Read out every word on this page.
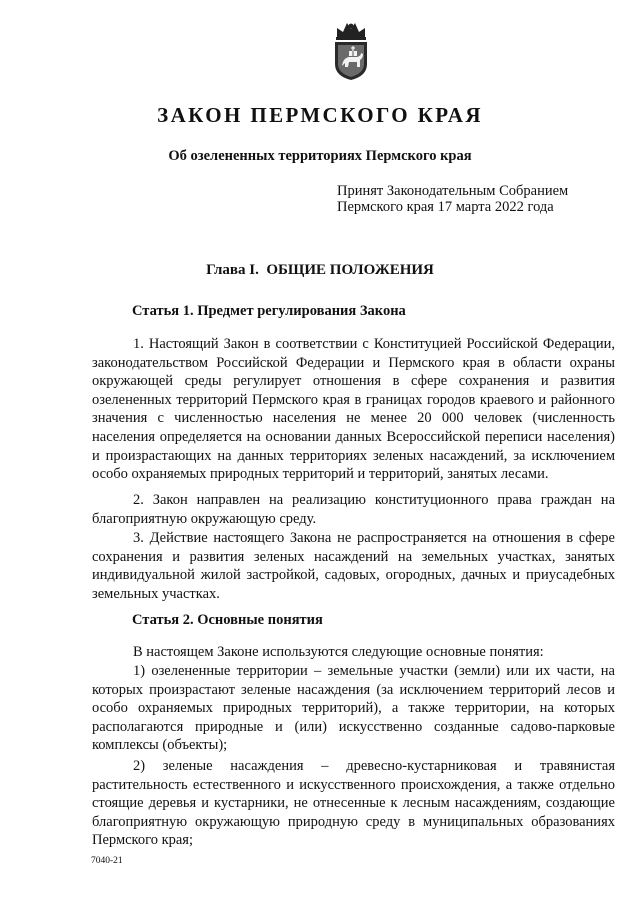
ЗАКОН ПЕРМСКОГО КРАЯ
Об озелененных территориях Пермского края
Принят Законодательным Собранием
Пермского края 17 марта 2022 года
Глава I.  ОБЩИЕ ПОЛОЖЕНИЯ
Статья 1. Предмет регулирования Закона

1. Настоящий Закон в соответствии с Конституцией Российской Федерации, законодательством Российской Федерации и Пермского края в области охраны окружающей среды регулирует отношения в сфере сохранения и развития озелененных территорий Пермского края в границах городов краевого и районного значения с численностью населения не менее 20 000 человек (численность населения определяется на основании данных Всероссийской переписи населения) и произрастающих на данных территориях зеленых насаждений, за исключением особо охраняемых природных территорий и территорий, занятых лесами.

2. Закон направлен на реализацию конституционного права граждан на благоприятную окружающую среду.

3. Действие настоящего Закона не распространяется на отношения в сфере сохранения и развития зеленых насаждений на земельных участках, занятых индивидуальной жилой застройкой, садовых, огородных, дачных и приусадебных земельных участках.

Статья 2. Основные понятия

В настоящем Законе используются следующие основные понятия:

1) озелененные территории – земельные участки (земли) или их части, на которых произрастают зеленые насаждения (за исключением территорий лесов и особо охраняемых природных территорий), а также территории, на которых располагаются природные и (или) искусственно созданные садово-парковые комплексы (объекты);

2) зеленые насаждения – древесно-кустарниковая и травянистая растительность естественного и искусственного происхождения, а также отдельно стоящие деревья и кустарники, не отнесенные к лесным насаждениям, создающие благоприятную окружающую природную среду в муниципальных образованиях Пермского края;

7040-21
